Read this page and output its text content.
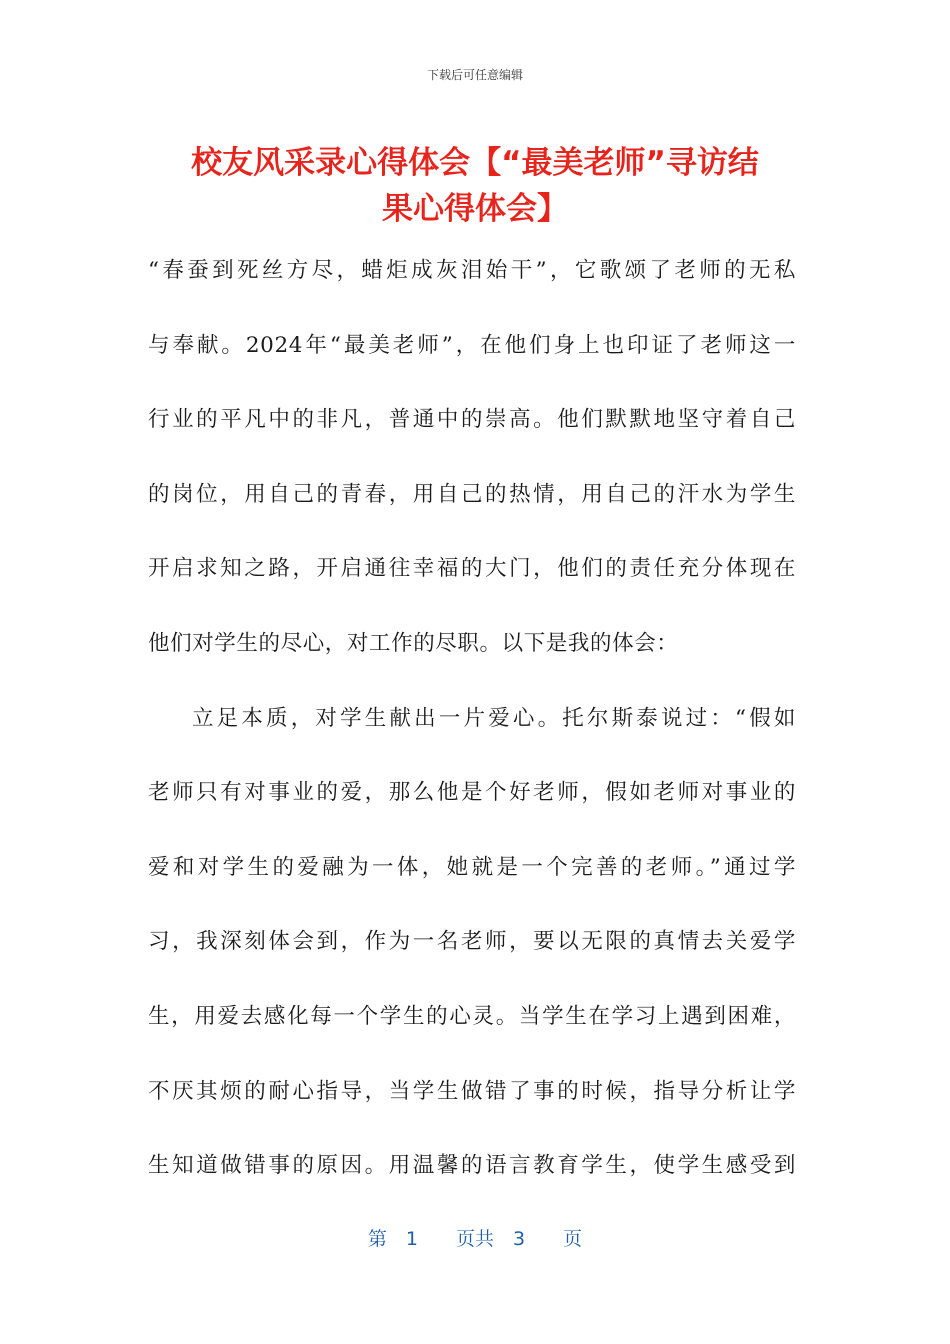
下载后可任意编辑
校友风采录心得体会【“最美老师”寻访结
果心得体会】
“春蚕到死丝方尽，蜡炬成灰泪始干”，它歌颂了老师的无私
与奉献。2024年“最美老师”，在他们身上也印证了老师这一
行业的平凡中的非凡，普通中的崇高。他们默默地坚守着自己
的岗位，用自己的青春，用自己的热情，用自己的汗水为学生
开启求知之路，开启通往幸福的大门，他们的责任充分体现在
他们对学生的尽心，对工作的尽职。以下是我的体会：
立足本质，对学生献出一片爱心。托尔斯泰说过：“假如
老师只有对事业的爱，那么他是个好老师，假如老师对事业的
爱和对学生的爱融为一体，她就是一个完善的老师。”通过学
习，我深刻体会到，作为一名老师，要以无限的真情去关爱学
生，用爱去感化每一个学生的心灵。当学生在学习上遇到困难，
不厌其烦的耐心指导，当学生做错了事的时候，指导分析让学
生知道做错事的原因。用温馨的语言教育学生，使学生感受到
第　1　　页共　3　　页
